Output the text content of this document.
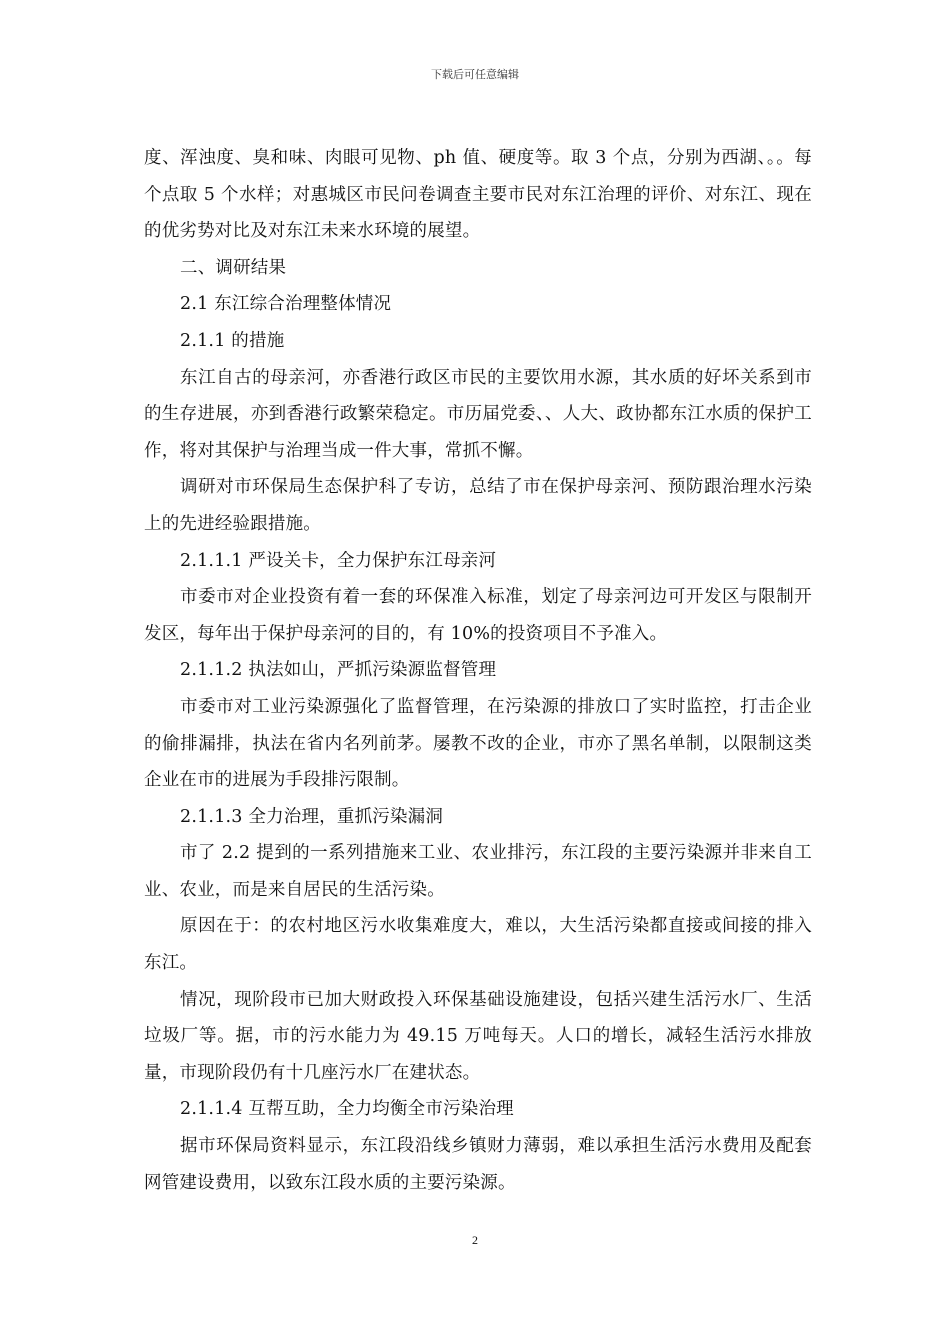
下载后可任意编辑

度、浑浊度、臭和味、肉眼可见物、ph 值、硬度等。取 3 个点，分别为西湖、。。每个点取 5 个水样；对惠城区市民问卷调查主要市民对东江治理的评价、对东江、现在的优劣势对比及对东江未来水环境的展望。

二、调研结果

2.1 东江综合治理整体情况

2.1.1 的措施

东江自古的母亲河，亦香港行政区市民的主要饮用水源，其水质的好坏关系到市的生存进展，亦到香港行政繁荣稳定。市历届党委、、人大、政协都东江水质的保护工作，将对其保护与治理当成一件大事，常抓不懈。

调研对市环保局生态保护科了专访，总结了市在保护母亲河、预防跟治理水污染上的先进经验跟措施。

2.1.1.1 严设关卡，全力保护东江母亲河

市委市对企业投资有着一套的环保准入标准，划定了母亲河边可开发区与限制开发区，每年出于保护母亲河的目的，有 10%的投资项目不予准入。

2.1.1.2 执法如山，严抓污染源监督管理

市委市对工业污染源强化了监督管理，在污染源的排放口了实时监控，打击企业的偷排漏排，执法在省内名列前茅。屡教不改的企业，市亦了黑名单制，以限制这类企业在市的进展为手段排污限制。

2.1.1.3 全力治理，重抓污染漏洞

市了 2.2 提到的一系列措施来工业、农业排污，东江段的主要污染源并非来自工业、农业，而是来自居民的生活污染。

原因在于：的农村地区污水收集难度大，难以，大生活污染都直接或间接的排入东江。

情况，现阶段市已加大财政投入环保基础设施建设，包括兴建生活污水厂、生活垃圾厂等。据，市的污水能力为 49.15 万吨每天。人口的增长，减轻生活污水排放量，市现阶段仍有十几座污水厂在建状态。

2.1.1.4 互帮互助，全力均衡全市污染治理

据市环保局资料显示，东江段沿线乡镇财力薄弱，难以承担生活污水费用及配套网管建设费用，以致东江段水质的主要污染源。

2
